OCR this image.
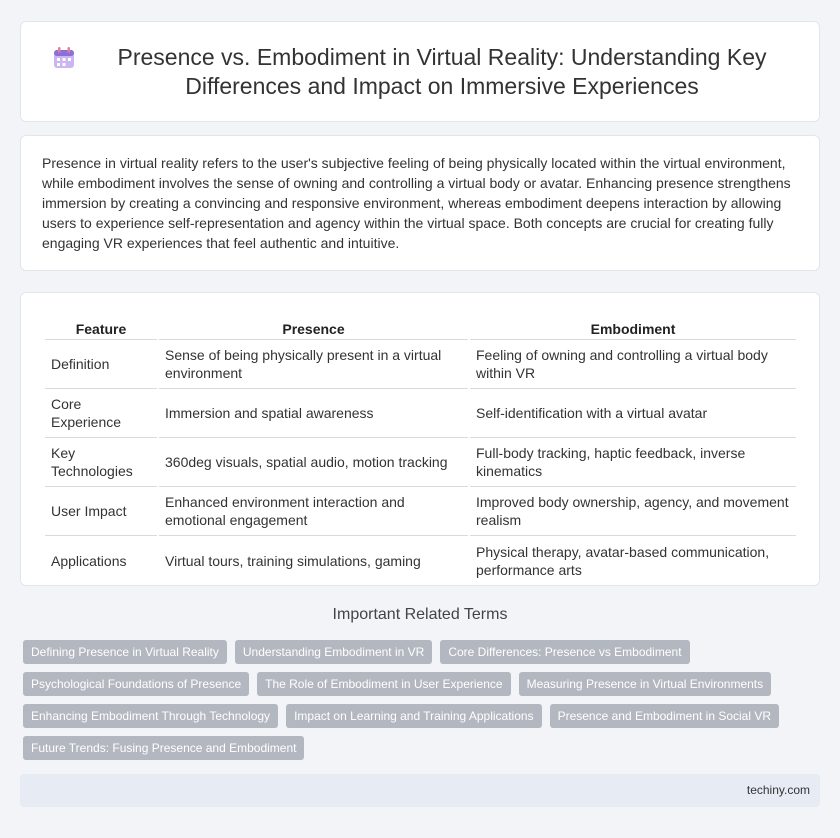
Presence vs. Embodiment in Virtual Reality: Understanding Key Differences and Impact on Immersive Experiences

Presence in virtual reality refers to the user's subjective feeling of being physically located within the virtual environment, while embodiment involves the sense of owning and controlling a virtual body or avatar. Enhancing presence strengthens immersion by creating a convincing and responsive environment, whereas embodiment deepens interaction by allowing users to experience self-representation and agency within the virtual space. Both concepts are crucial for creating fully engaging VR experiences that feel authentic and intuitive.

Feature	Presence	Embodiment
Definition	Sense of being physically present in a virtual environment	Feeling of owning and controlling a virtual body within VR
Core Experience	Immersion and spatial awareness	Self-identification with a virtual avatar
Key Technologies	360deg visuals, spatial audio, motion tracking	Full-body tracking, haptic feedback, inverse kinematics
User Impact	Enhanced environment interaction and emotional engagement	Improved body ownership, agency, and movement realism
Applications	Virtual tours, training simulations, gaming	Physical therapy, avatar-based communication, performance arts
Important Related Terms
Defining Presence in Virtual Reality	Understanding Embodiment in VR	Core Differences: Presence vs Embodiment
Psychological Foundations of Presence	The Role of Embodiment in User Experience	Measuring Presence in Virtual Environments
Enhancing Embodiment Through Technology	Impact on Learning and Training Applications	Presence and Embodiment in Social VR
Future Trends: Fusing Presence and Embodiment
techiny.com
